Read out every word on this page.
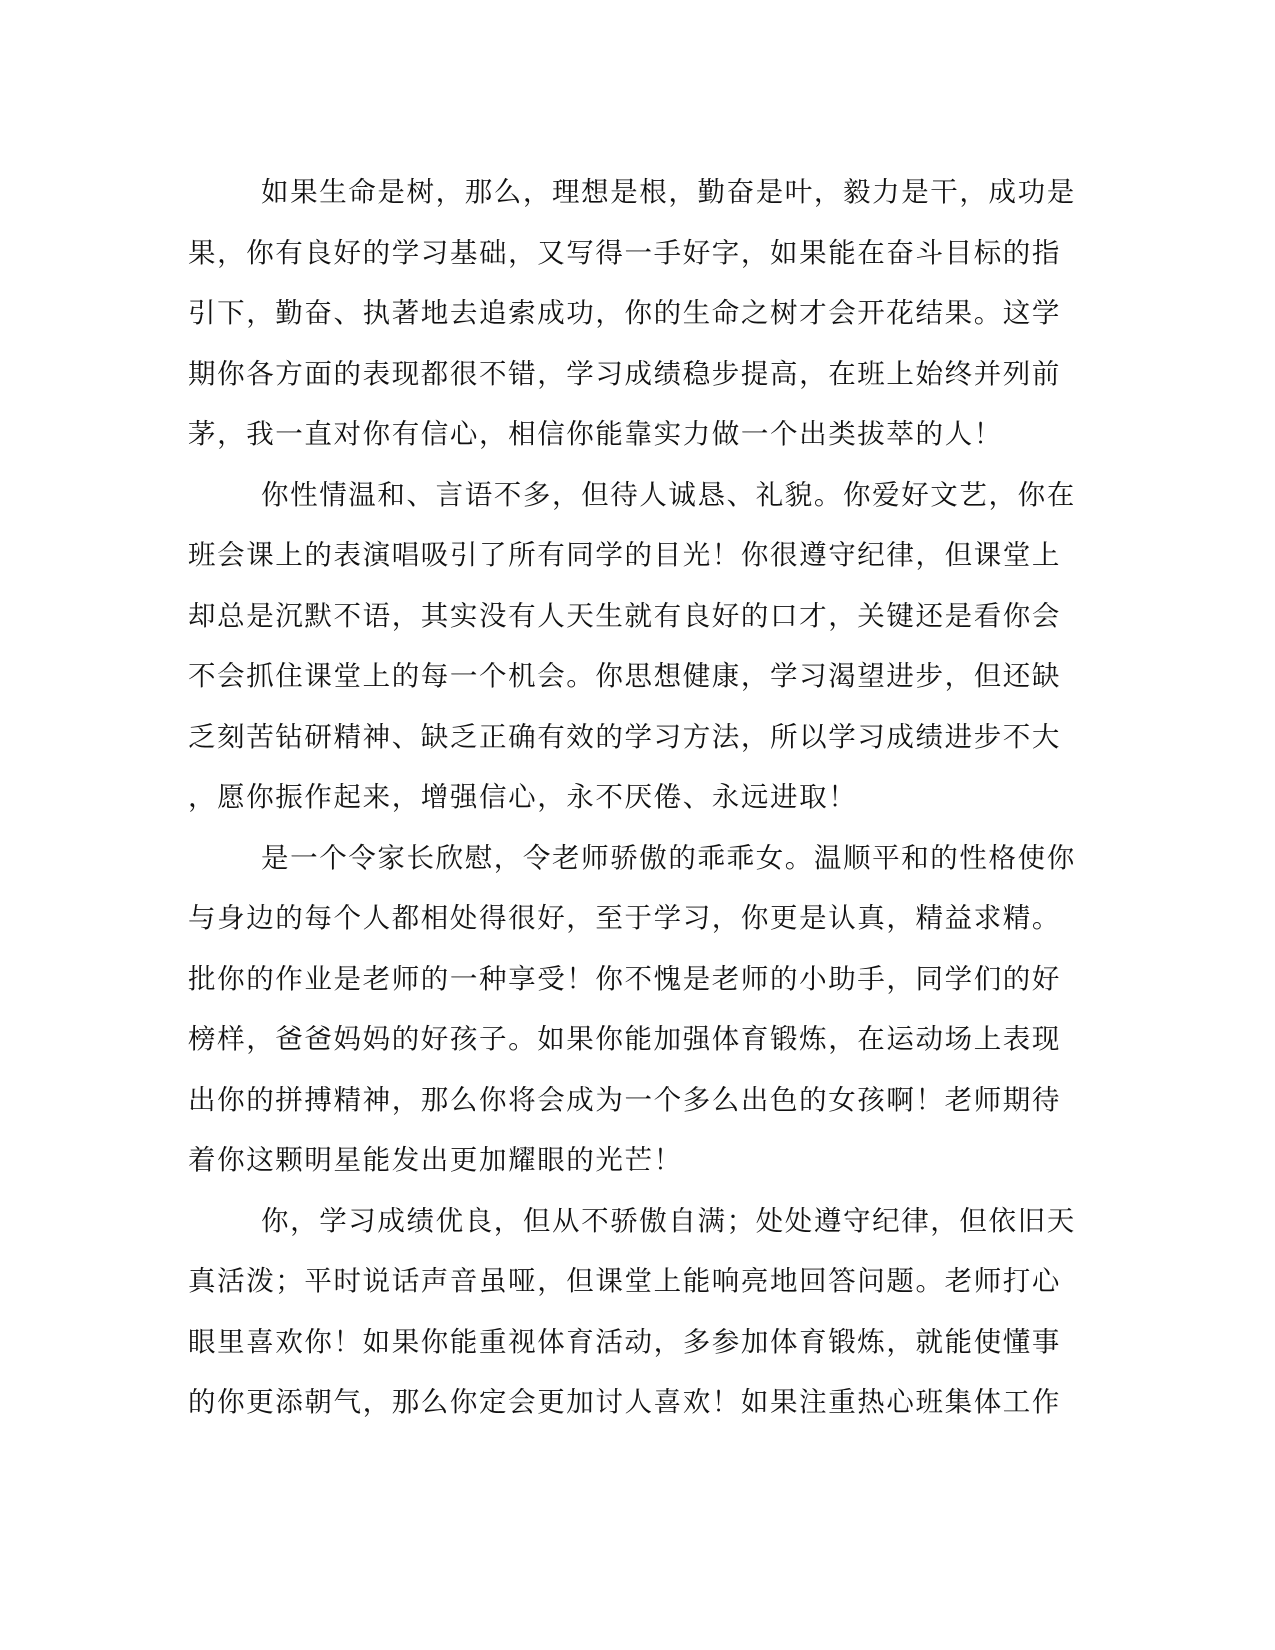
如果生命是树，那么，理想是根，勤奋是叶，毅力是干，成功是
果，你有良好的学习基础，又写得一手好字，如果能在奋斗目标的指
引下，勤奋、执著地去追索成功，你的生命之树才会开花结果。这学
期你各方面的表现都很不错，学习成绩稳步提高，在班上始终并列前
茅，我一直对你有信心，相信你能靠实力做一个出类拔萃的人！
你性情温和、言语不多，但待人诚恳、礼貌。你爱好文艺，你在
班会课上的表演唱吸引了所有同学的目光！你很遵守纪律，但课堂上
却总是沉默不语，其实没有人天生就有良好的口才，关键还是看你会
不会抓住课堂上的每一个机会。你思想健康，学习渴望进步，但还缺
乏刻苦钻研精神、缺乏正确有效的学习方法，所以学习成绩进步不大
，愿你振作起来，增强信心，永不厌倦、永远进取！
是一个令家长欣慰，令老师骄傲的乖乖女。温顺平和的性格使你
与身边的每个人都相处得很好，至于学习，你更是认真，精益求精。
批你的作业是老师的一种享受！你不愧是老师的小助手，同学们的好
榜样，爸爸妈妈的好孩子。如果你能加强体育锻炼，在运动场上表现
出你的拼搏精神，那么你将会成为一个多么出色的女孩啊！老师期待
着你这颗明星能发出更加耀眼的光芒！
你，学习成绩优良，但从不骄傲自满；处处遵守纪律，但依旧天
真活泼；平时说话声音虽哑，但课堂上能响亮地回答问题。老师打心
眼里喜欢你！如果你能重视体育活动，多参加体育锻炼，就能使懂事
的你更添朝气，那么你定会更加讨人喜欢！如果注重热心班集体工作
